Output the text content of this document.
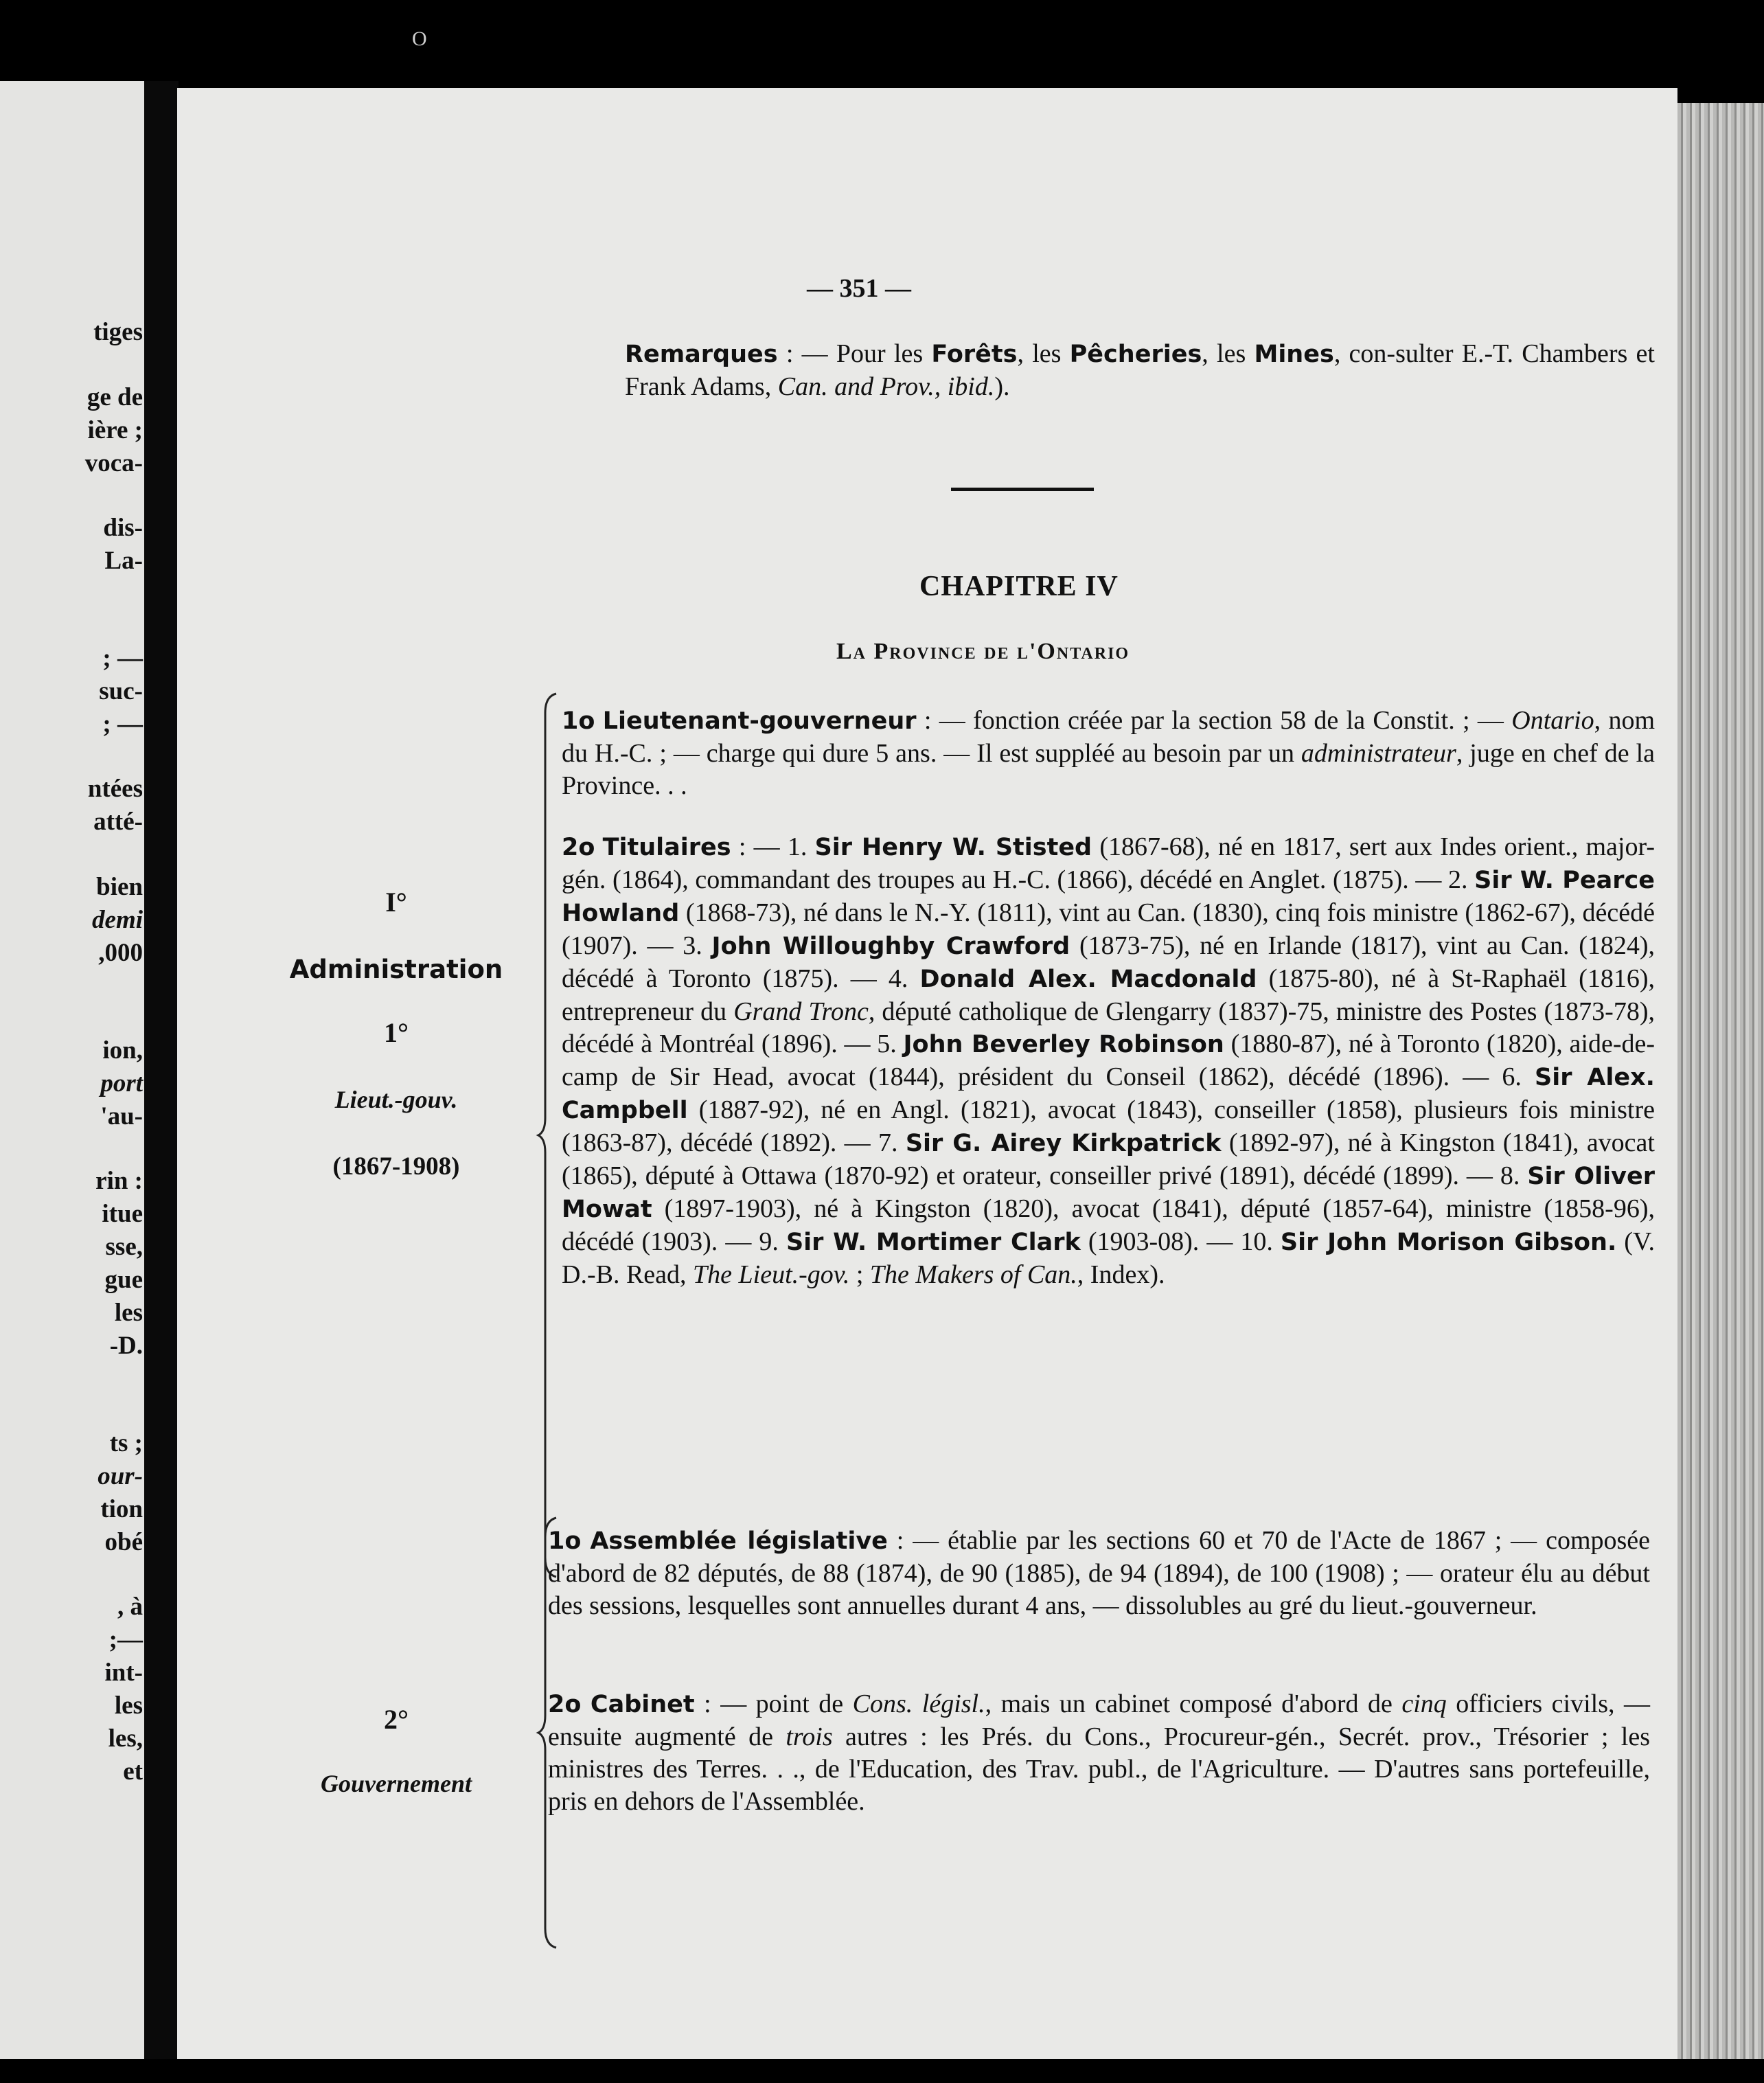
O
tiges
ge de
ière ;
voca-
dis-
La-
; —
suc-
; —
ntées
atté-
bien
demi
,000
ion,
port
'au-
rin :
itue
sse,
gue
les
-D.
ts ;
our-
tion
obé
, à
;—
int-
les
les,
et
— 351 —
Remarques : — Pour les Forêts, les Pêcheries, les Mines, con-sulter E.-T. Chambers et Frank Adams, Can. and Prov., ibid.).
CHAPITRE IV
La Province de l'Ontario
I°
Administration
1°
Lieut.-gouv.
(1867-1908)
2°
Gouvernement
1o Lieutenant-gouverneur : — fonction créée par la section 58 de la Constit. ; — Ontario, nom du H.-C. ; — charge qui dure 5 ans. — Il est suppléé au besoin par un administrateur, juge en chef de la Province. . .
2o Titulaires : — 1. Sir Henry W. Stisted (1867-68), né en 1817, sert aux Indes orient., major-gén. (1864), commandant des troupes au H.-C. (1866), décédé en Anglet. (1875). — 2. Sir W. Pearce Howland (1868-73), né dans le N.-Y. (1811), vint au Can. (1830), cinq fois ministre (1862-67), décédé (1907). — 3. John Willoughby Crawford (1873-75), né en Irlande (1817), vint au Can. (1824), décédé à Toronto (1875). — 4. Donald Alex. Macdonald (1875-80), né à St-Raphaël (1816), entrepreneur du Grand Tronc, député catholique de Glengarry (1837)-75, ministre des Postes (1873-78), décédé à Montréal (1896). — 5. John Beverley Robinson (1880-87), né à Toronto (1820), aide-de-camp de Sir Head, avocat (1844), président du Conseil (1862), décédé (1896). — 6. Sir Alex. Campbell (1887-92), né en Angl. (1821), avocat (1843), conseiller (1858), plusieurs fois ministre (1863-87), décédé (1892). — 7. Sir G. Airey Kirkpatrick (1892-97), né à Kingston (1841), avocat (1865), député à Ottawa (1870-92) et orateur, conseiller privé (1891), décédé (1899). — 8. Sir Oliver Mowat (1897-1903), né à Kingston (1820), avocat (1841), député (1857-64), ministre (1858-96), décédé (1903). — 9. Sir W. Mortimer Clark (1903-08). — 10. Sir John Morison Gibson. (V. D.-B. Read, The Lieut.-gov. ; The Makers of Can., Index).
1o Assemblée législative : — établie par les sections 60 et 70 de l'Acte de 1867 ; — composée d'abord de 82 députés, de 88 (1874), de 90 (1885), de 94 (1894), de 100 (1908) ; — orateur élu au début des sessions, lesquelles sont annuelles durant 4 ans, — dissolubles au gré du lieut.-gouverneur.
2o Cabinet : — point de Cons. législ., mais un cabinet composé d'abord de cinq officiers civils, — ensuite augmenté de trois autres : les Prés. du Cons., Procureur-gén., Secrét. prov., Trésorier ; les ministres des Terres. . ., de l'Education, des Trav. publ., de l'Agriculture. — D'autres sans portefeuille, pris en dehors de l'Assemblée.
